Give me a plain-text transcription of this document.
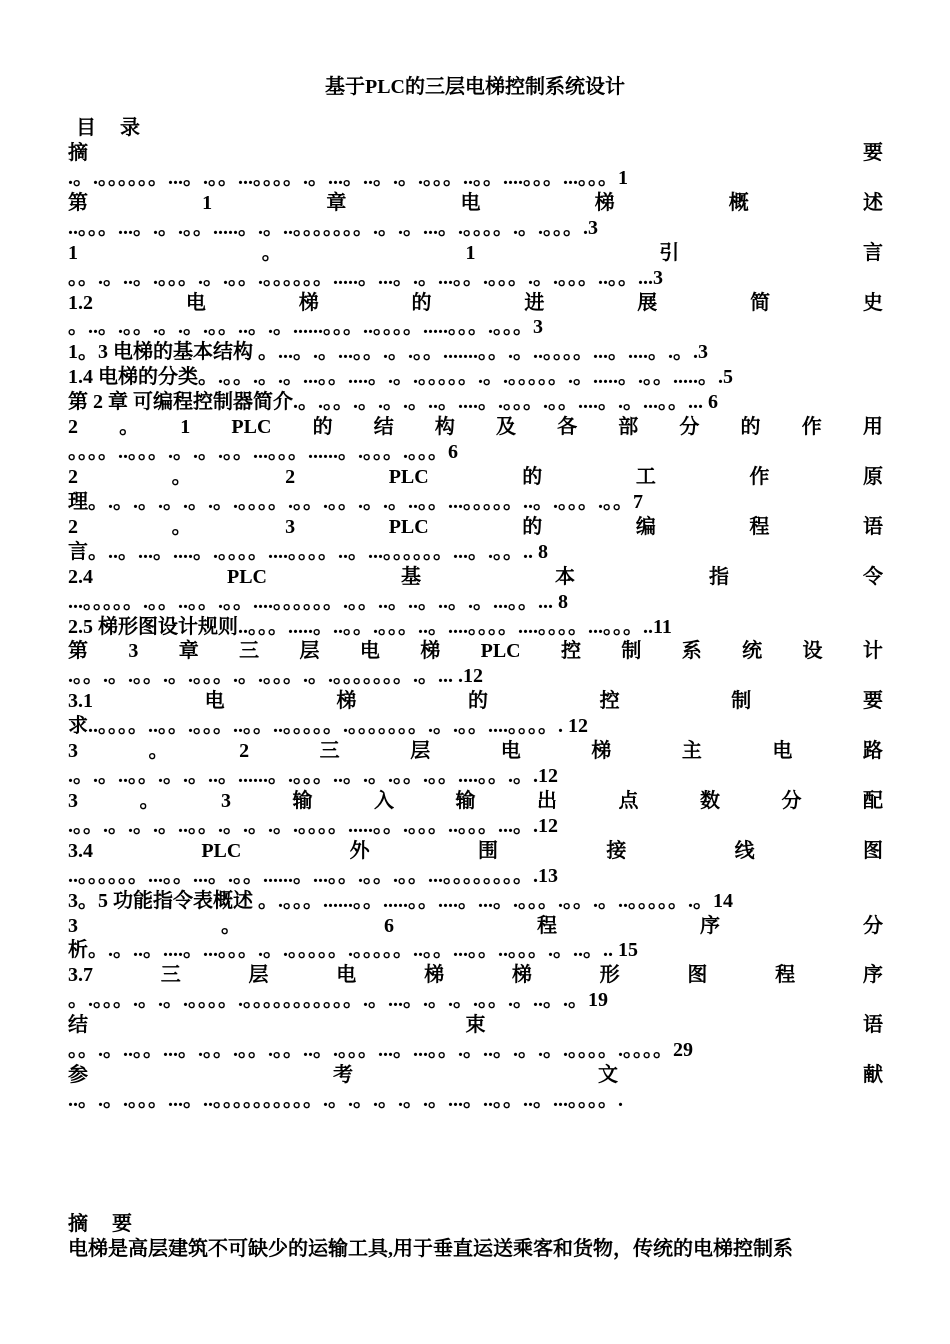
基于PLC的三层电梯控制系统设计
目 录
摘	要
.。.。。。。。。...。.。。...。。。。.。...。..。.。.。。。..。。....。。。...。。。1
第	1	章	电	梯	概	述
..。。。...。.。.。。.....。.。..。。。。。。。.。.。...。.。。。。.。.。。。.3
1	。	1	引	言
。。.。..。.。。。.。.。。.。。。。。。.....。...。.。...。。.。。。.。.。。。..。。...3
1.2	电	梯	的	进	展	简	史
。..。.。。.。.。.。。..。.。......。。。..。。。。.....。。。.。。。3
1。3 电梯的基本结构 。...。.。...。。.。.。。.......。。.。..。。。。...。....。.。.3
1.4 电梯的分类。.。。.。.。...。。....。.。.。。。。。.。.。。。。。.。.....。.。。.....。.5
第 2 章 可编程控制器简介.。.。。.。.。.。..。....。.。。。.。。....。.。...。。... 6
2 。 1 PLC 的 结 构 及 各 部 分 的 作 用
。。。。..。。。.。.。.。。...。。。......。.。。。.。。。6
2	。	2	PLC	的	工	作	原
理。.。.。.。.。.。.。。。。.。。.。。.。.。..。。...。。。。。..。.。。。.。。7
2	。	3	PLC	的	编	程	语
言。..。...。....。.。。。。....。。。。..。...。。。。。。...。.。。.. 8
2.4	PLC	基	本	指	令
...。。。。。.。。..。。.。。....。。。。。。.。。..。..。..。.。...。。... 8
2.5 梯形图设计规则..。。。.....。..。。.。。。..。....。。。。....。。。。...。。。..11
第 3 章 三 层 电 梯 PLC 控 制 系 统 设 计
.。。.。.。。.。.。。。.。.。。。.。.。。。。。。。.。... .12
3.1	电	梯	的	控	制	要
求..。。。。..。。.。。。..。。..。。。。。.。。。。。。。.。.。。....。。。。. 12
3	。	2	三	层	电	梯	主	电	路
.。.。..。。.。.。..。......。.。。。..。.。.。。.。。....。。.。.12
3	。	3	输	入	输	出	点	数	分	配
.。。.。.。.。..。。.。.。.。.。。。。.....。。.。。。..。。。...。.12
3.4	PLC	外	围	接	线	图
..。。。。。。...。。...。.。。......。...。。.。。.。。...。。。。。。。。.13
3。5 功能指令表概述 。.。。。......。。.....。。....。...。.。。。.。。.。..。。。。。.。14
3	。	6	程	序	分
析。.。..。....。...。。。.。.。。。。。.。。。。。..。。...。。..。。。.。..。.. 15
3.7	三	层	电	梯	梯	形	图	程	序
。.。。。.。.。.。。。。.。。。。。。。。。。。.。...。.。.。.。。.。..。.。19
结	束	语
。。.。..。。...。.。。.。。.。。..。.。。。...。...。。.。..。.。.。.。。。。.。。。。29
参	考	文	献
..。.。.。。。...。..。。。。。。。。。。.。.。.。.。.。...。..。。..。...。。。。.
摘 要
电梯是高层建筑不可缺少的运输工具,用于垂直运送乘客和货物，传统的电梯控制系
